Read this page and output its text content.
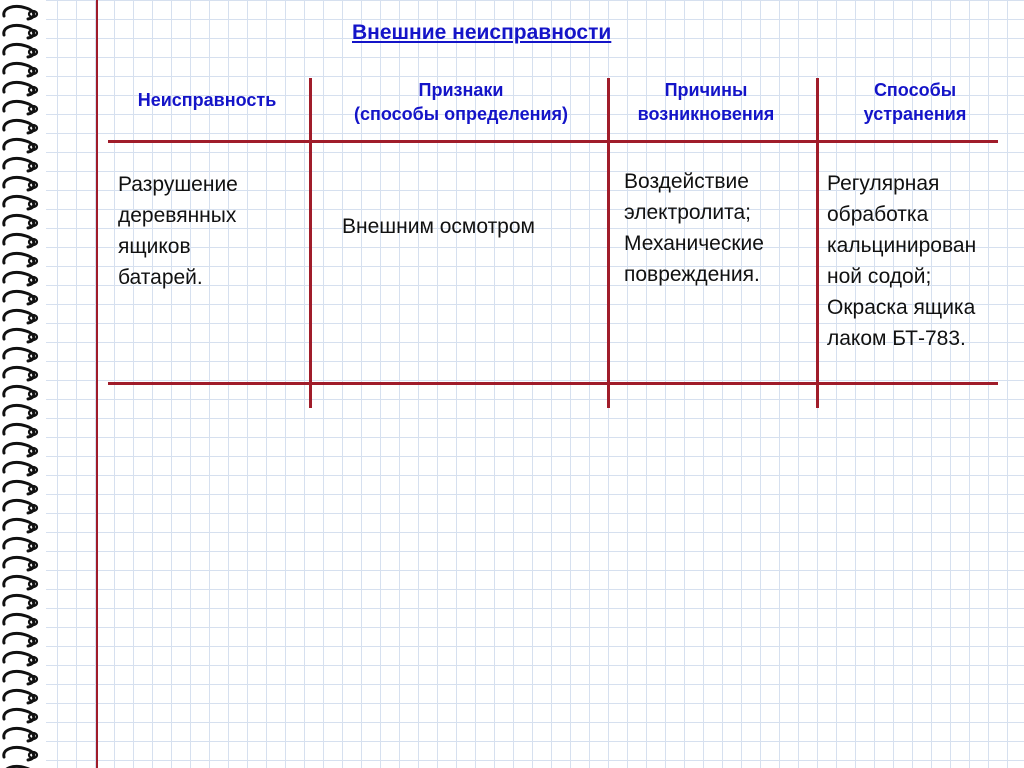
Внешние неисправности
Неисправность	Признаки
(способы определения)
Причины
возникновения
Способы
устранения
Разрушение
деревянных
ящиков
батарей.
Внешним осмотром
Воздействие
электролита;
Механические
повреждения.
Регулярная
обработка
кальцинирован
ной содой;
Окраска ящика
лаком БТ-783.
